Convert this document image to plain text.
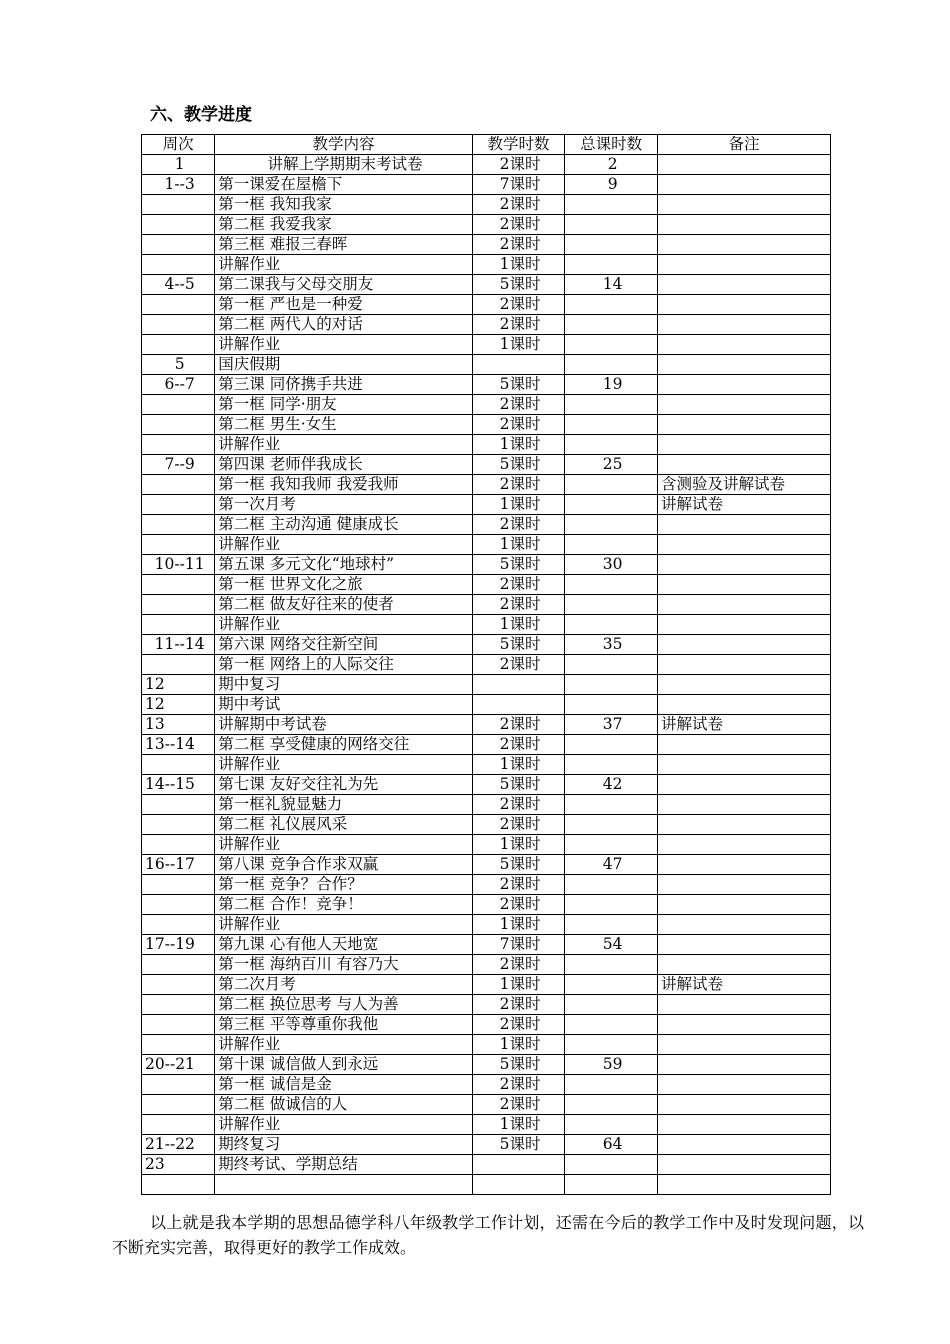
六、教学进度
周次	教学内容	教学时数	总课时数	备注
1	讲解上学期期末考试卷	2课时	2	
1--3	第一课爱在屋檐下	7课时	9	
	第一框 我知我家	2课时		
	第二框 我爱我家	2课时		
	第三框 难报三春晖	2课时		
	讲解作业	1课时		
4--5	第二课我与父母交朋友	5课时	14	
	第一框 严也是一种爱	2课时		
	第二框 两代人的对话	2课时		
	讲解作业	1课时		
5	国庆假期			
6--7	第三课 同侪携手共进	5课时	19	
	第一框 同学·朋友	2课时		
	第二框 男生·女生	2课时		
	讲解作业	1课时		
7--9	第四课 老师伴我成长	5课时	25	
	第一框 我知我师 我爱我师	2课时		含测验及讲解试卷
	第一次月考	1课时		讲解试卷
	第二框 主动沟通 健康成长	2课时		
	讲解作业	1课时		
10--11	第五课 多元文化“地球村”	5课时	30	
	第一框 世界文化之旅	2课时		
	第二框 做友好往来的使者	2课时		
	讲解作业	1课时		
11--14	第六课 网络交往新空间	5课时	35	
	第一框 网络上的人际交往	2课时		
12	期中复习			
12	期中考试			
13	讲解期中考试卷	2课时	37	讲解试卷
13--14	第二框 享受健康的网络交往	2课时		
	讲解作业	1课时		
14--15	第七课 友好交往礼为先	5课时	42	
	第一框礼貌显魅力	2课时		
	第二框 礼仪展风采	2课时		
	讲解作业	1课时		
16--17	第八课 竞争合作求双赢	5课时	47	
	第一框 竞争？合作？	2课时		
	第二框 合作！竞争！	2课时		
	讲解作业	1课时		
17--19	第九课 心有他人天地宽	7课时	54	
	第一框 海纳百川 有容乃大	2课时		
	第二次月考	1课时		讲解试卷
	第二框 换位思考 与人为善	2课时		
	第三框 平等尊重你我他	2课时		
	讲解作业	1课时		
20--21	第十课 诚信做人到永远	5课时	59	
	第一框 诚信是金	2课时		
	第二框 做诚信的人	2课时		
	讲解作业	1课时		
21--22	期终复习	5课时	64	
23	期终考试、学期总结			

以上就是我本学期的思想品德学科八年级教学工作计划，还需在今后的教学工作中及时发现问题，以不断充实完善，取得更好的教学工作成效。
